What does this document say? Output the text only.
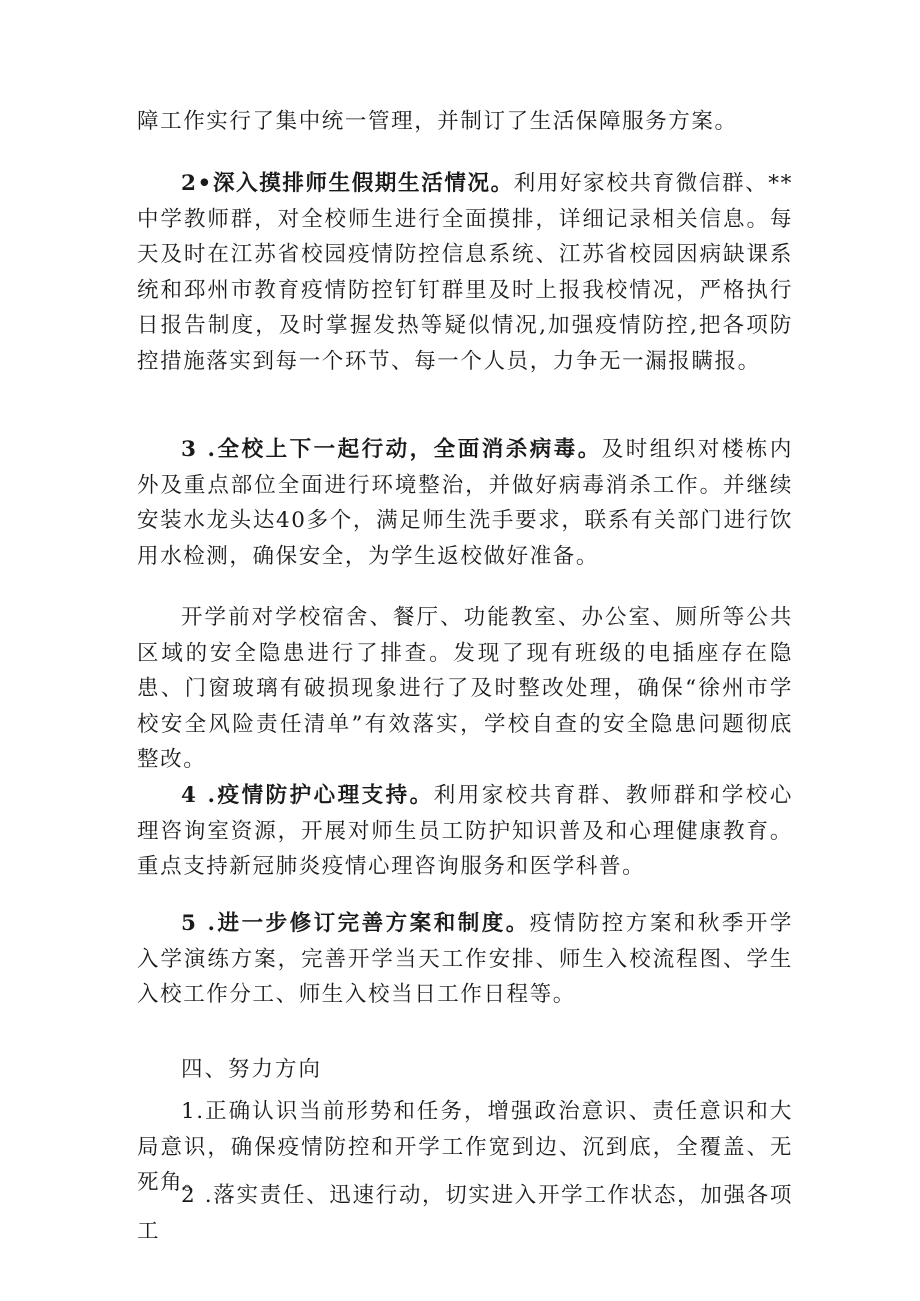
障工作实行了集中统一管理，并制订了生活保障服务方案。

2•深入摸排师生假期生活情况。利用好家校共育微信群、**中学教师群，对全校师生进行全面摸排，详细记录相关信息。每天及时在江苏省校园疫情防控信息系统、江苏省校园因病缺课系统和邳州市教育疫情防控钉钉群里及时上报我校情况，严格执行日报告制度，及时掌握发热等疑似情况,加强疫情防控,把各项防控措施落实到每一个环节、每一个人员，力争无一漏报瞒报。

3 .全校上下一起行动，全面消杀病毒。及时组织对楼栋内外及重点部位全面进行环境整治，并做好病毒消杀工作。并继续安装水龙头达40多个，满足师生洗手要求，联系有关部门进行饮用水检测，确保安全，为学生返校做好准备。

开学前对学校宿舍、餐厅、功能教室、办公室、厕所等公共区域的安全隐患进行了排查。发现了现有班级的电插座存在隐患、门窗玻璃有破损现象进行了及时整改处理，确保“徐州市学校安全风险责任清单”有效落实，学校自查的安全隐患问题彻底整改。

4 .疫情防护心理支持。利用家校共育群、教师群和学校心理咨询室资源，开展对师生员工防护知识普及和心理健康教育。重点支持新冠肺炎疫情心理咨询服务和医学科普。

5 .进一步修订完善方案和制度。疫情防控方案和秋季开学入学演练方案，完善开学当天工作安排、师生入校流程图、学生入校工作分工、师生入校当日工作日程等。

四、努力方向

1.正确认识当前形势和任务，增强政治意识、责任意识和大局意识，确保疫情防控和开学工作宽到边、沉到底，全覆盖、无死角。

2 .落实责任、迅速行动，切实进入开学工作状态，加强各项工
